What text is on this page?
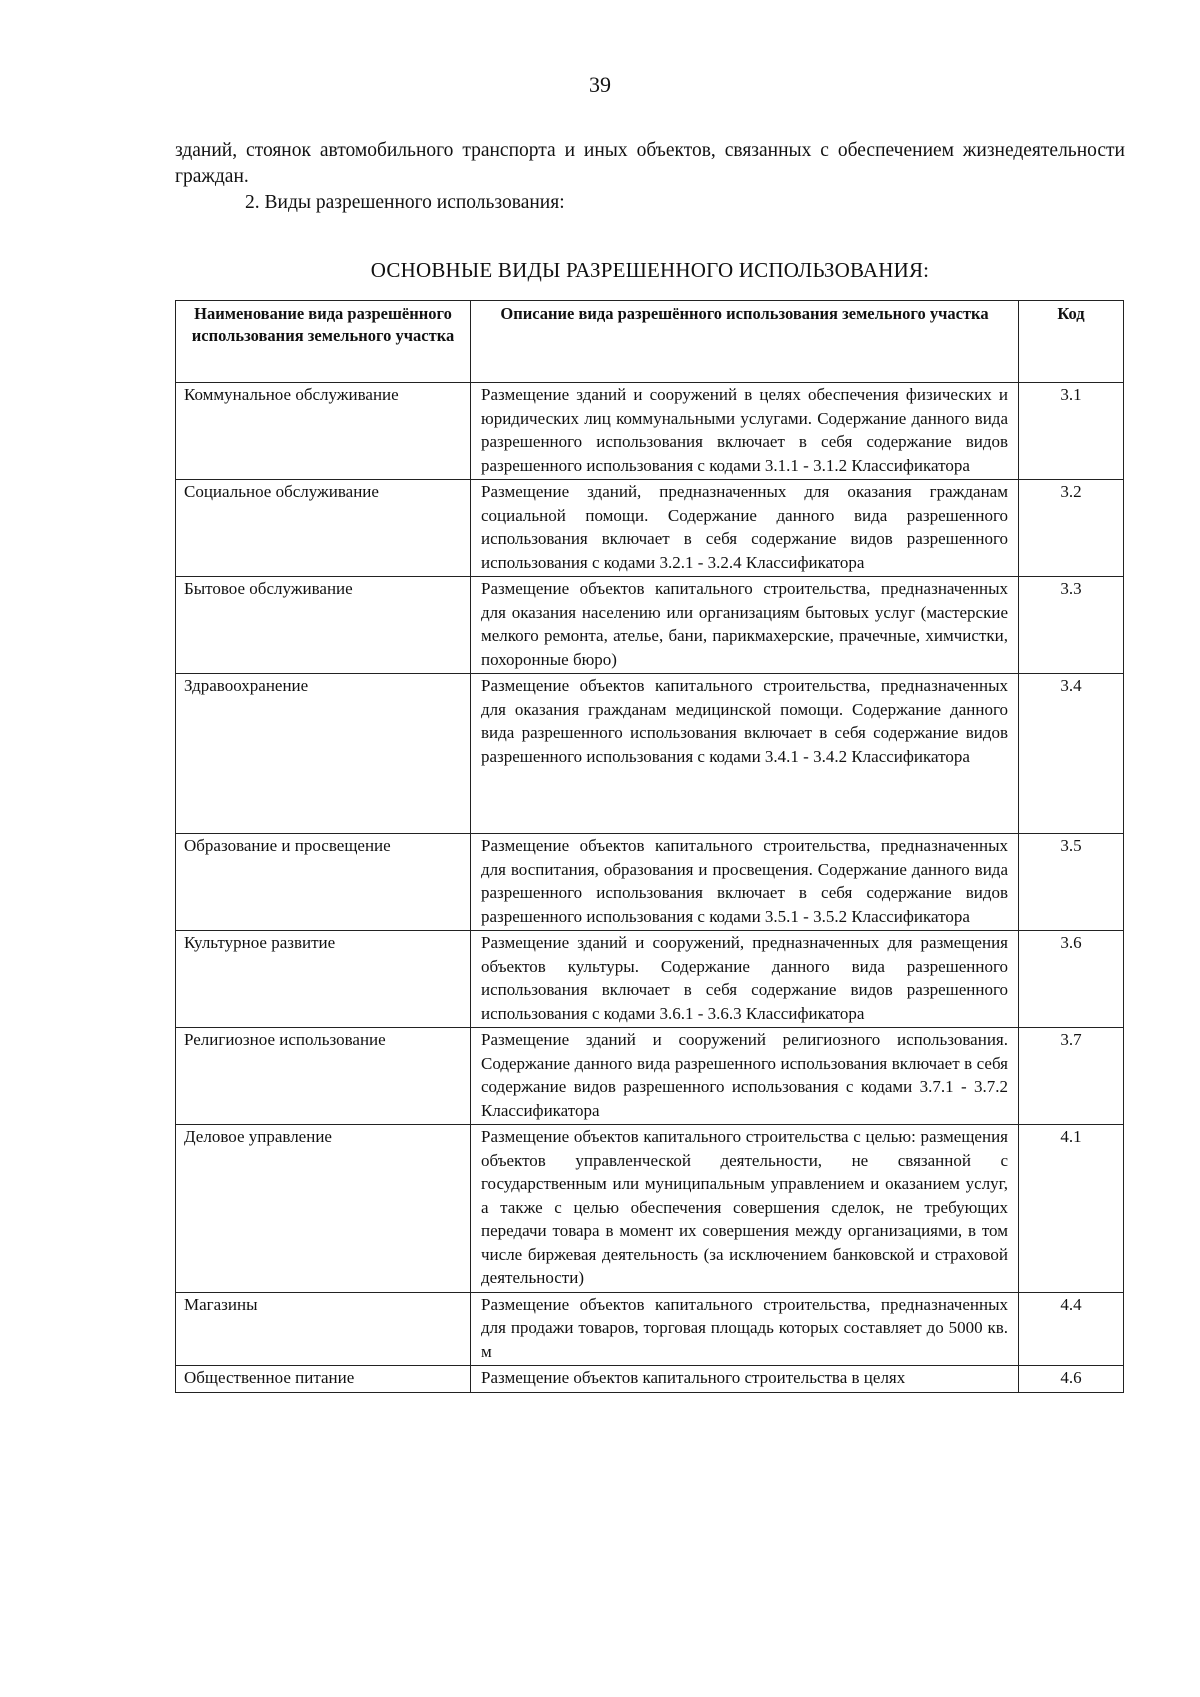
39

зданий, стоянок автомобильного транспорта и иных объектов, связанных с обеспечением жизнедеятельности граждан.

2. Виды разрешенного использования:

ОСНОВНЫЕ ВИДЫ РАЗРЕШЕННОГО ИСПОЛЬЗОВАНИЯ:
Наименование вида разрешённого использования земельного участка	Описание вида разрешённого использования земельного участка	Код
Коммунальное обслуживание	Размещение зданий и сооружений в целях обеспечения физических и юридических лиц коммунальными услугами. Содержание данного вида разрешенного использования включает в себя содержание видов разрешенного использования с кодами 3.1.1 - 3.1.2 Классификатора	3.1
Социальное обслуживание	Размещение зданий, предназначенных для оказания гражданам социальной помощи. Содержание данного вида разрешенного использования включает в себя содержание видов разрешенного использования с кодами 3.2.1 - 3.2.4 Классификатора	3.2
Бытовое обслуживание	Размещение объектов капитального строительства, предназначенных для оказания населению или организациям бытовых услуг (мастерские мелкого ремонта, ателье, бани, парикмахерские, прачечные, химчистки, похоронные бюро)	3.3
Здравоохранение	Размещение объектов капитального строительства, предназначенных для оказания гражданам медицинской помощи. Содержание данного вида разрешенного использования включает в себя содержание видов разрешенного использования с кодами 3.4.1 - 3.4.2 Классификатора	3.4
Образование и просвещение	Размещение объектов капитального строительства, предназначенных для воспитания, образования и просвещения. Содержание данного вида разрешенного использования включает в себя содержание видов разрешенного использования с кодами 3.5.1 - 3.5.2 Классификатора	3.5
Культурное развитие	Размещение зданий и сооружений, предназначенных для размещения объектов культуры. Содержание данного вида разрешенного использования включает в себя содержание видов разрешенного использования с кодами 3.6.1 - 3.6.3 Классификатора	3.6
Религиозное использование	Размещение зданий и сооружений религиозного использования. Содержание данного вида разрешенного использования включает в себя содержание видов разрешенного использования с кодами 3.7.1 - 3.7.2 Классификатора	3.7
Деловое управление	Размещение объектов капитального строительства с целью: размещения объектов управленческой деятельности, не связанной с государственным или муниципальным управлением и оказанием услуг, а также с целью обеспечения совершения сделок, не требующих передачи товара в момент их совершения между организациями, в том числе биржевая деятельность (за исключением банковской и страховой деятельности)	4.1
Магазины	Размещение объектов капитального строительства, предназначенных для продажи товаров, торговая площадь которых составляет до 5000 кв. м	4.4
Общественное питание	Размещение объектов капитального строительства в целях	4.6
